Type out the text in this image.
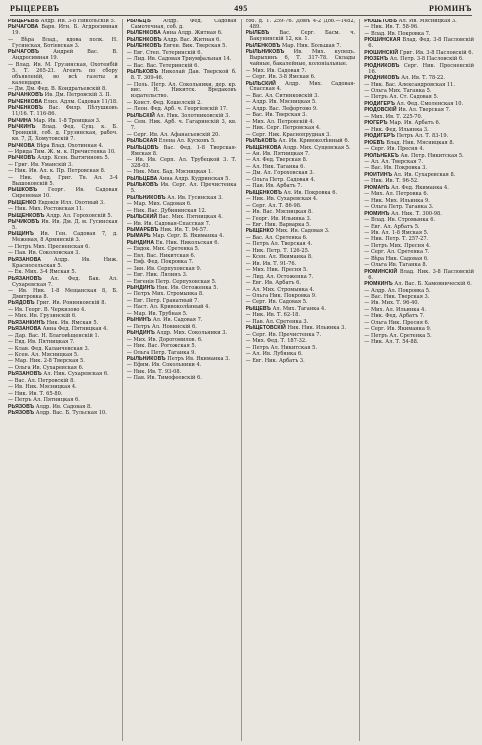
РЫЦЕРЕВЪ	495	РЮМИНЪ
РЫЦЕРЕВЪ Алдр. Ив. 3-8 Никольскій 5.
РЫЧАГОВА Варв. Игн. Б. Агдросимная 19.
— Вѣра Влад., вдова полк. Н. Гусинская, Ботіевская 3.
РЫЧАГОВЪ	Андрей Вас. В. Андросимная 19.
— Влад. Ив. М. Грузинская, Охотенбій 5. Т. 265-21. Агентъ по сбору объявленій, во всѣ газеты и календари.
— Дм. Дм. Фед. В. Кондратьевскій 8.
РЫЧАНКОВЪ Ив. Дм. Петровскій 3. II.
РЫЧЕНКОВА Елиз. Адлм. Садовая 11/18.
РЫЧЕНКОВЪ Вас. Филр. Пѣтушковъ 11/16. Т. 116-86.
РЫЧИНА Мар. Ив. 1-8 Троицкая 3.
РЫЧКИНЪ Влад. Фед. Сущ. к. Б. Троицкій, соб. д. Грузинская, рабоч. кв. 7, Д. Хомутовскій 7.
РЫЧКОВА Вѣра Влад. Охотинная 4.
— Ирида Тим. Ж. м. к. Пречистенка 10.
РЫЧКОВЪ Алдр. Ксен. Вытягиновъ 5.
— Григ. Ив. Уманскій 3.
— Ник. Ив. Ал. к. Пр. Петровская 8.
— Ник. Фед. Григ. Тв. Ал. 3-4 Вышоковскій 5.
РЫШКОВЪ Георг. Ив. Садовая Сиреневая 10.
РЫЩЕНКО Евдокія Илл. Охотный 3.
— Ник. Мих. Ростовская 11.
РЫЩЕНКОВЪ Алдр. Ал. Гороховскій 5.
РЫЧИКОВЪ Ив. Ив. Дм. Д. м. Гусинская 5.
РЫЩИНЪ Ив. Ген. Садовая 7, д. Межевая, 8 Армянскій 3.
— Петръ Мих. Пресненская 6.
— Пав. Ив. Соколовская 3.
РЬЯЗАНОВА	Алдр. Ив. Ниж. Красносельская 5.
— Ек. Мих. 3-4 Ямская 5.
РЬЯЗАНОВЪ Ал. Фед. Бак. Ал. Сухаревская 7.
— Ив. Ник. 1-8 Мещанская 8, Б. Дмитровка 8.
РЬЯДОВЪ Григ. Ив. Ронинковскій 8.
— Ив. Георг. В. Черкизово 4.
— Мих. Ив. Грузинскій 6.
РЬЯЗАНКИНЪ Ник. Ив. Ямская 5.
РЬЯЗАНОВА Анна Фед. Пятницкая 4.
— Дар. Вас. Н. Благовѣщенскій 1.
— Евд. Ив. Пятницкая 7.
— Клав. Фед. Каланчевская 3.
— Ксен. Ал. Мясницкая 5.
— Мар. Ник. 2-8 Тверская 5.
— Ольга Ив. Сухаревская 6.
РЬЯЗАНОВЪ Ал. Ник. Сухаревская 6.
— Вас. Ал. Петровскій 8.
— Ив. Ник. Мясницкая 4.
— Ник. Ив. Т. 65-80.
— Петръ Ал. Пятницкая 6.
РЬЯЗОВЪ Алдр. Ив. Садовая 8.
РЬЯЗОВЪ Алдр. Вас. Б. Тульская 10.
РЫЛЕЦЪ Алдр. Фед. Садовая Самотечная, соб. д.
РЫЛЕНКОВА Анна Алдр. Житная 6.
РЫЛЕНКОВЪ Алдр. Вас. Житная 6.
РЫЛЕНКОВЪ Евген. Вик. Тверская 5.
— Евг. Степ. Тетеринскій 6.
— Лид. Ив. Садовая Триумфальная 14.
— Вас. Вас. Тетеринскій 6.
РЫЛЬКОВЪ Николай Дан. Тверской б. 8. Т. 309-46.
— Поль. Петр. Ал. Сокольники, дер. кр. вис. Н. Никитск. Вредаковъ издательство.
— Конст. Фед. Кошелскій 2.
— Леон. Фед. Арб. ч. Георгіевскій 17.
РЫЛЬСКІЙ Ал. Ник. Золотниковскій 3.
— Сем. Ник. Арб. ч. Гагаринскій 3, кв. 7.
— Серг. Ив. Ал. Афанасьевскій 20.
РЫЛЬСКАЯ Елена Ал. Кусковъ 5.
РЫЛЬЦОВЪ Вас. Фед. 1-8 Тверская-Ямская 8.
— Ив. Ив. Серп. Ал. Трубецкой 3. Т. 328-03.
— Ник. Мих. Бад. Мясницкая 1.
РЫЛЬЦЕВА Анна Алдр. Кудринская 5.
РЫЛЬКОВЪ Ив. Серг. Ал. Пречистенка 5.
РЫЛЬНИКОВЪ Ал. Ив. Гусинская 3.
— Мар. Мих. Садовая 6.
— Ник. Вас. Дубининская 12.
РЫЛЬСКИЙ Вас. Мих. Пятницкая 4.
— Ив. Ив. Садовая-Спасская 7.
РЫМАРЕВЪ Ник. Ив. Т. 94-57.
РЫМАРЬ Мар. Серг. Б. Якиманка 4.
РЫНДИНА Ек. Ник. Никольская 6.
— Евдок. Мих. Сретенка 5.
— Евл. Вас. Никитская 6.
— Евф. Фед. Покровка 7.
— Зин. Ив. Серпуховская 9.
— Евг. Ник. Лялинъ 3.
— Евгенія Петр. Серпуховская 5.
РЫНДИНЪ Ник. Ив. Остоженка 5.
— Петръ Мих. Стромынка 8.
— Евг. Петр. Гранатный 7.
— Наст. Ал. Кривоколѣнный 4.
— Мар. Ив. Трубная 5.
РЫНИНЪ Ал. Ив. Садовая 7.
— Петръ Ал. Новинскій 6.
РЫНДИНЪ Алдр. Мих. Сокольники 3.
— Мих. Ив. Дорогомилов. 6.
— Ник. Вас. Рогожская 5.
— Ольга Петр. Таганка 9.
РЫЛЬНИКОВЪ Петръ Ив. Якиманка 3.
— Ефим. Ив. Сокольники 4.
— Ник. Ив. Т. 93-08.
— Пав. Ив. Тимофеевскій 6.
соб. д. Т. 259-76. Домъ 4-2 Доб.—1482, 489.
РЫЛЕВЪ Вас. Серг. Басм. ч. Бакунинскій 12, кв. 1.
РЫЛЕНКОВЪ Мар. Ник. Большая 7.
РЫЛЬНИКОВЪ Ив. Мих. купецъ. Вырыхинъ 6, Т. 317-78. Склады чайные, бакалейные, колоніальные.
— Мих. Ив. Садовая 7.
— Серг. Ив. 3-8 Ямская 6.
РЫЛЬСКИЙ Алдр. Мих. Садовая-Спасская 4.
— Вас. Ал. Ситниковскій 3.
— Алдр. Ив. Мясницкая 5.
— Алдр. Вас. Лефортово 9.
— Вас. Ив. Тверская 3.
— Мих. Ал. Петровскій 4.
— Ник. Серг. Петровская 4.
— Серг. Ник. Краснопрудная 3.
РЫЛЬКОВЪ Ал. Ив. Кривоколѣнный 6.
РЫЩЕНКОВА Алдр. Мих. Сущевская 5.
— Ан. Ив. Пятницкая 7.
— Ал. Фед. Тверская 8.
— Ал. Ник. Таганка 6.
— Дм. Ал. Гороховская 3.
— Ольга Петр. Садовая 4.
— Пав. Ив. Арбатъ 7.
РЫЩЕНКОВЪ Ал. Ив. Покровка 6.
— Ник. Ив. Сухаревская 4.
— Серг. Ал. Т. 86-98.
— Ив. Вас. Мясницкая 8.
— Георг. Ив. Ильинка 3.
— Евг. Ник. Варварка 5.
РЫЩЕНКО Мих. Ив. Садовая 3.
— Вас. Ал. Сретенка 6.
— Петръ Ал. Тверская 4.
— Ник. Петр. Т. 126-25.
— Ксен. Ал. Якиманка 8.
— Ив. Ив. Т. 91-76.
— Мих. Ник. Пресня 5.
— Лид. Ал. Остоженка 7.
— Евг. Ив. Арбатъ 6.
— Ал. Мих. Стромынка 4.
— Ольга Ник. Покровка 9.
— Серг. Ив. Садовая 5.
РЫЩЕВЪ Ал. Мих. Таганка 4.
— Ник. Ив. Т. 62-18.
— Пав. Ал. Сретенка 3.
РЫЩЕТОВСКІЙ Ник. Ник. Ильинка 3.
— Серг. Ив. Пречистенка 7.
— Мих. Фед. Т. 187-32.
— Петръ Ал. Никитская 5.
— Ал. Ив. Лубянка 6.
— Евг. Ник. Арбатъ 3.
РЮШЕТОВЪ Ал. Ив. Мясницкая 3.
— Ник. Ив. Т. 58-96.
— Влад. Ив. Покровка 7.
РЮШИНСКАЯ Влад. Фед. 3-8 Пасловскій 6.
РЮШИНСКІЙ Григ. Ив. 3-8 Пасловскій 6.
РЮЗЕНЪ Ал. Петр. 3-8 Пасловскій 6.
РЮДНИКОВЪ Серг. Ник. Пресненскій 16.
РЮДНИКОВЪ Ал. Ив. Т. 78-22.
— Ник. Вас. Александровская 11.
— Ольга Мих. Таганка 5.
— Петръ Ал. Ст. Садовая 5.
РЮДИГЕРЪ Ал. Фед. Смоленская 10.
РЮДОВСКІЙ Ив. Ал. Тверская 7.
— Мих. Ив. Т. 225-70.
РЮГЕРЪ Мар. Ив. Арбатъ 6.
— Ник. Фед. Ильинка 3.
РЮДИГЕРЪ Петръ Ал. Т. 83-19.
РЮЕВЪ Влад. Ник. Мясницкая 8.
— Серг. Ив. Пресня 4.
РЮЛЬНЕКЕЪ Ан. Петр. Никитская 5.
— Ал. Ал. Тверская 7.
— Вас. Ив. Покровка 3.
РЮИТИНЪ Ал. Ив. Сухаревская 8.
— Ник. Ив. Т. 96-52.
РЮМАНЪ Ал. Фед. Якиманка 4.
— Мих. Ал. Петровка 6.
— Ник. Мих. Ильинка 9.
— Ольга Петр. Таганка 3.
РЮМИНЪ Ал. Ник. Т. 300-98.
— Влад. Ив. Стромынка 6.
— Евг. Ал. Арбатъ 5.
— Ив. Ал. 1-8 Ямская 5.
— Ник. Петр. Т. 257-27.
— Петръ Мих. Пресня 4.
— Серг. Ал. Сретенка 7.
— Вѣра Ник. Садовая 6.
— Ольга Ив. Таганка 8.
РЮМИНСКІЙ Влад. Ник. 3-8 Пасловскій 6.
РЮМКИНЪ Ал. Вас. Б. Хамовническій 6.
— Алдр. Ал. Покровка 5.
— Вас. Ник. Тверская 3.
— Ив. Мих. Т. 96-40.
— Мих. Ал. Ильинка 4.
— Ник. Фед. Арбатъ 7.
— Ольга Ник. Пресня 6.
— Серг. Ив. Якиманка 9.
— Петръ Ал. Сретенка 5.
— Ник. Ал. Т. 54-88.
